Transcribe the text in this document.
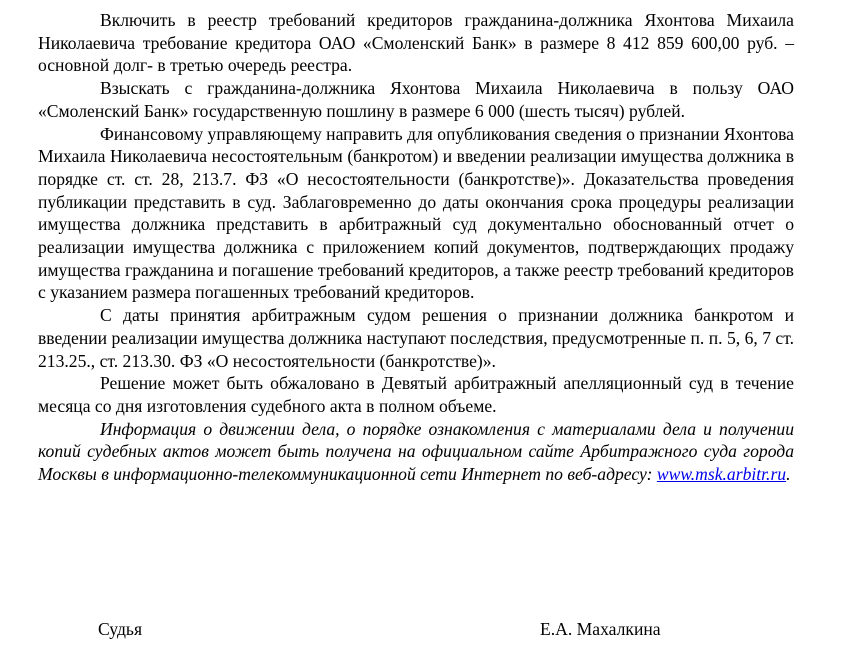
Включить в реестр требований кредиторов гражданина-должника Яхонтова Михаила Николаевича требование кредитора ОАО «Смоленский Банк» в размере 8 412 859 600,00 руб. – основной долг- в третью очередь реестра.

Взыскать с гражданина-должника Яхонтова Михаила Николаевича в пользу ОАО «Смоленский Банк» государственную пошлину в размере 6 000 (шесть тысяч) рублей.

Финансовому управляющему направить для опубликования сведения о признании Яхонтова Михаила Николаевича несостоятельным (банкротом) и введении реализации имущества должника в порядке ст. ст. 28, 213.7. ФЗ «О несостоятельности (банкротстве)». Доказательства проведения публикации представить в суд. Заблаговременно до даты окончания срока процедуры реализации имущества должника представить в арбитражный суд документально обоснованный отчет о реализации имущества должника с приложением копий документов, подтверждающих продажу имущества гражданина и погашение требований кредиторов, а также реестр требований кредиторов с указанием размера погашенных требований кредиторов.

С даты принятия арбитражным судом решения о признании должника банкротом и введении реализации имущества должника наступают последствия, предусмотренные п. п. 5, 6, 7 ст. 213.25., ст. 213.30. ФЗ «О несостоятельности (банкротстве)».

Решение может быть обжаловано в Девятый арбитражный апелляционный суд в течение месяца со дня изготовления судебного акта в полном объеме.

Информация о движении дела, о порядке ознакомления с материалами дела и получении копий судебных актов может быть получена на официальном сайте Арбитражного суда города Москвы в информационно-телекоммуникационной сети Интернет по веб-адресу: www.msk.arbitr.ru.

Судья	Е.А. Махалкина
